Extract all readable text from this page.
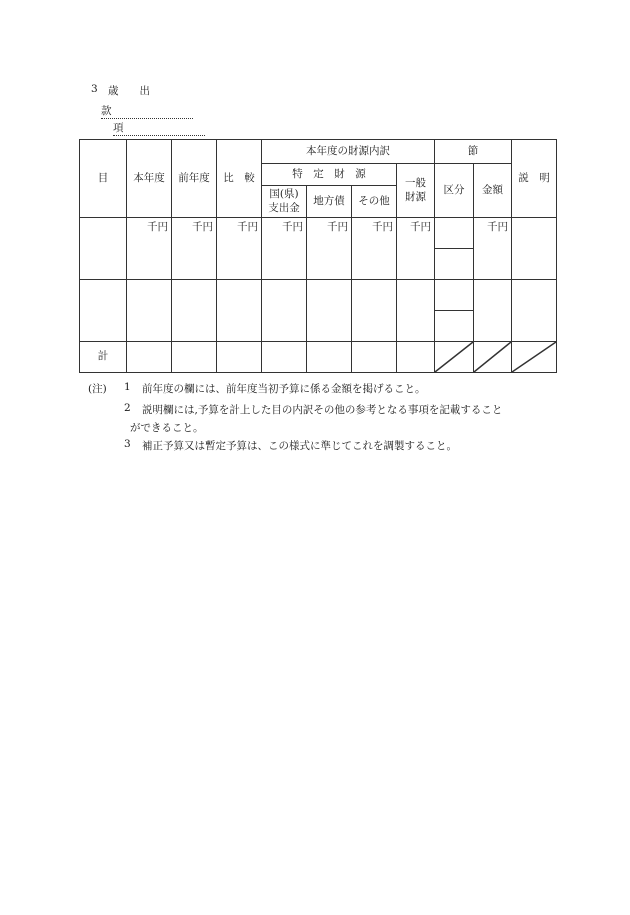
3 歳　　出
款
項
目	本年度	前年度	比　較	本年度の財源内訳				節		説　明
				特　定　財　源			一般財源	区分	金額	
				国(県)支出金	地方債	その他				
	千円	千円	千円	千円	千円	千円	千円		千円	

計								

(注) 1 前年度の欄には、前年度当初予算に係る金額を掲げること。
2 説明欄には,予算を計上した目の内訳その他の参考となる事項を記載すること
ができること。
3 補正予算又は暫定予算は、この様式に準じてこれを調製すること。
